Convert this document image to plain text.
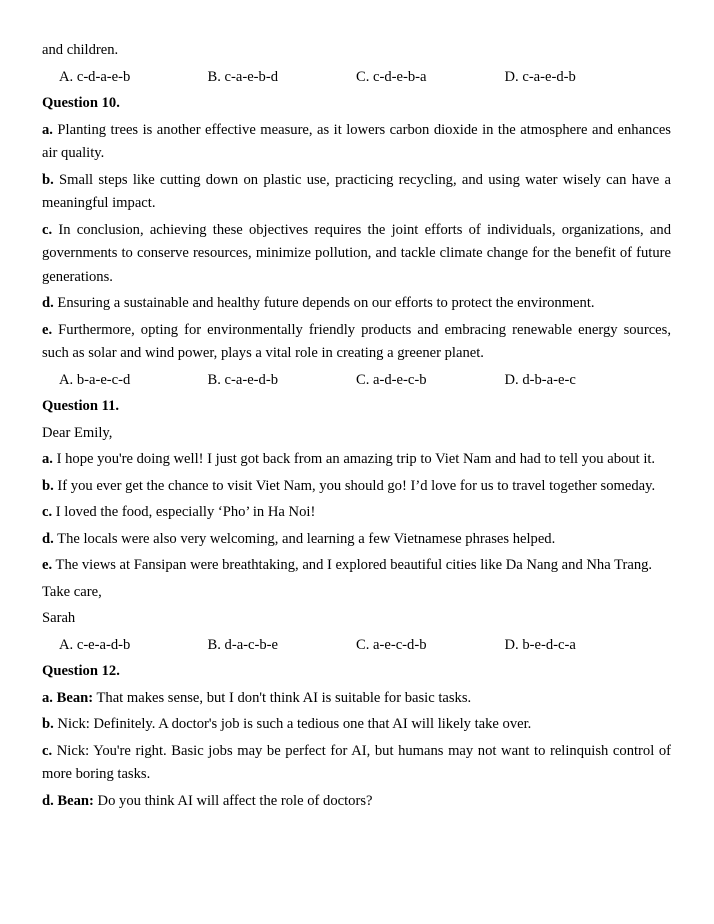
and children.

A. c-d-a-e-b	B. c-a-e-b-d	C. c-d-e-b-a	D. c-a-e-d-b

Question 10.

a. Planting trees is another effective measure, as it lowers carbon dioxide in the atmosphere and enhances air quality.

b. Small steps like cutting down on plastic use, practicing recycling, and using water wisely can have a meaningful impact.

c. In conclusion, achieving these objectives requires the joint efforts of individuals, organizations, and governments to conserve resources, minimize pollution, and tackle climate change for the benefit of future generations.

d. Ensuring a sustainable and healthy future depends on our efforts to protect the environment.

e. Furthermore, opting for environmentally friendly products and embracing renewable energy sources, such as solar and wind power, plays a vital role in creating a greener planet.

A. b-a-e-c-d	B. c-a-e-d-b	C. a-d-e-c-b	D. d-b-a-e-c

Question 11.

Dear Emily,

a. I hope you're doing well! I just got back from an amazing trip to Viet Nam and had to tell you about it.

b. If you ever get the chance to visit Viet Nam, you should go! I’d love for us to travel together someday.

c. I loved the food, especially ‘Pho’ in Ha Noi!

d. The locals were also very welcoming, and learning a few Vietnamese phrases helped.

e. The views at Fansipan were breathtaking, and I explored beautiful cities like Da Nang and Nha Trang.

Take care,

Sarah

A. c-e-a-d-b	B. d-a-c-b-e	C. a-e-c-d-b	D. b-e-d-c-a

Question 12.

a. Bean: That makes sense, but I don't think AI is suitable for basic tasks.

b. Nick: Definitely. A doctor's job is such a tedious one that AI will likely take over.

c. Nick: You're right. Basic jobs may be perfect for AI, but humans may not want to relinquish control of more boring tasks.

d. Bean: Do you think AI will affect the role of doctors?
